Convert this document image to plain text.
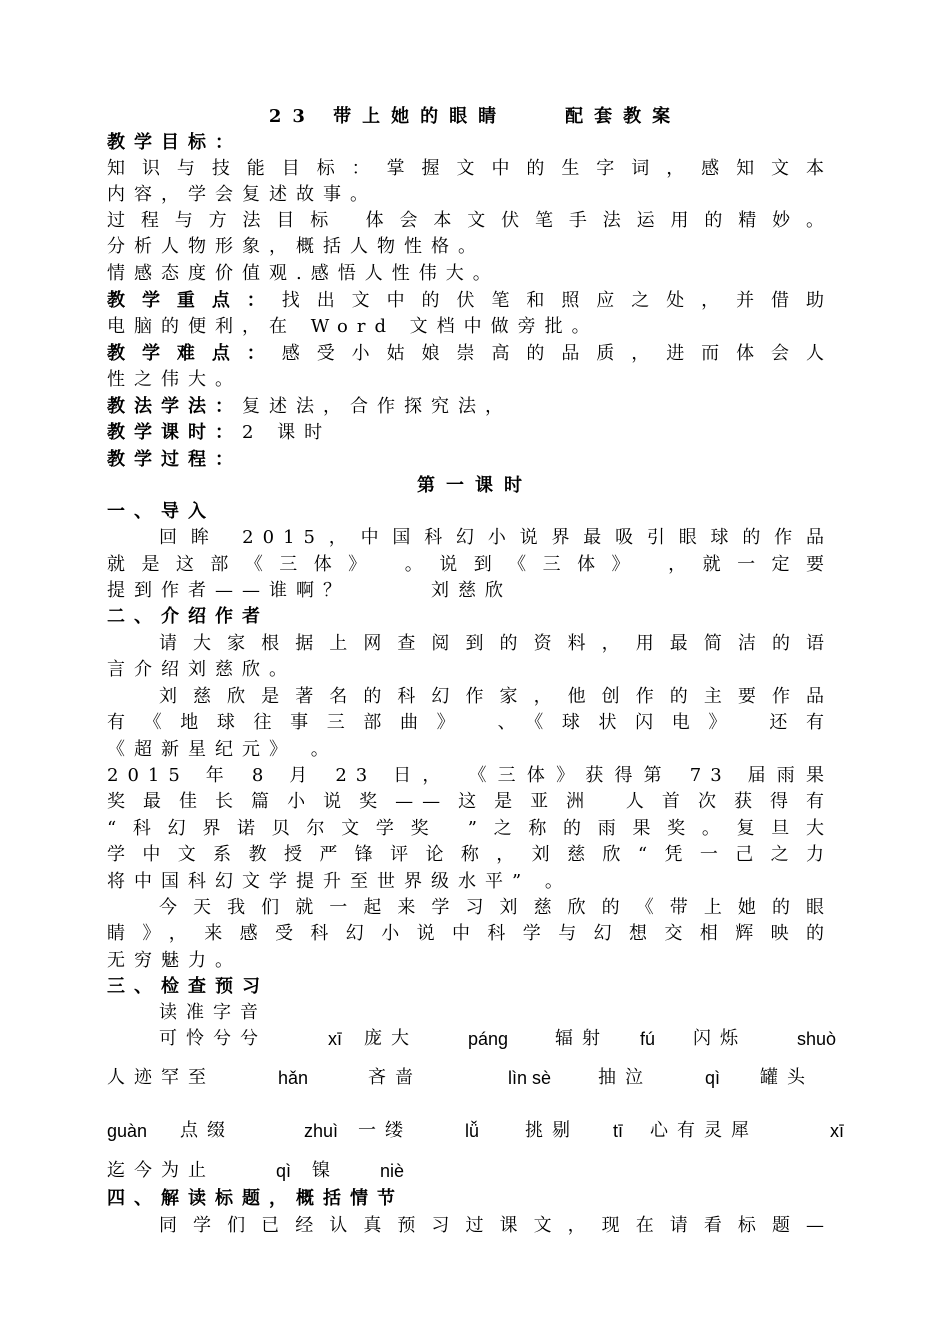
23 带上她的眼睛　　配套教案
教学目标：
知识与技能目标：掌握文中的生字词，感知文本
内容，学会复述故事。
过程与方法目标 体会本文伏笔手法运用的精妙。
分析人物形象，概括人物性格。
情感态度价值观.感悟人性伟大。
教学重点：找出文中的伏笔和照应之处，并借助
电脑的便利，在 Word 文档中做旁批。
教学难点：感受小姑娘崇高的品质，进而体会人
性之伟大。
教法学法：复述法，合作探究法，
教学课时：2 课时
教学过程：
第一课时
一、导入
回眸 2015，中国科幻小说界最吸引眼球的作品
就是这部《三体》 。说到《三体》 ，就一定要
提到作者——谁啊？　　　刘慈欣
二、介绍作者
请大家根据上网查阅到的资料，用最简洁的语
言介绍刘慈欣。
刘慈欣是著名的科幻作家，他创作的主要作品
有《地球往事三部曲》 、《球状闪电》 还有
《超新星纪元》 。
2015 年 8 月 23 日， 《三体》获得第 73 届雨果
奖最佳长篇小说奖——这是亚洲 人首次获得有
“科幻界诺贝尔文学奖 ”之称的雨果奖。复旦大
学中文系教授严锋评论称，刘慈欣“凭一己之力
将中国科幻文学提升至世界级水平” 。
今天我们就一起来学习刘慈欣的《带上她的眼
睛》，来感受科幻小说中科学与幻想交相辉映的
无穷魅力。
三、检查预习
读准字音
可怜兮兮	xī 庞大	páng	辐射 fú 闪烁	shuò
人迹罕至	hǎn	吝啬	lìn sè	抽泣	qì 罐头
guàn 点缀	zhuì 一缕	lǚ	挑剔 tī 心有灵犀	xī
迄今为止	qì 镍 niè
四、解读标题，概括情节
同学们已经认真预习过课文，现在请看标题—
